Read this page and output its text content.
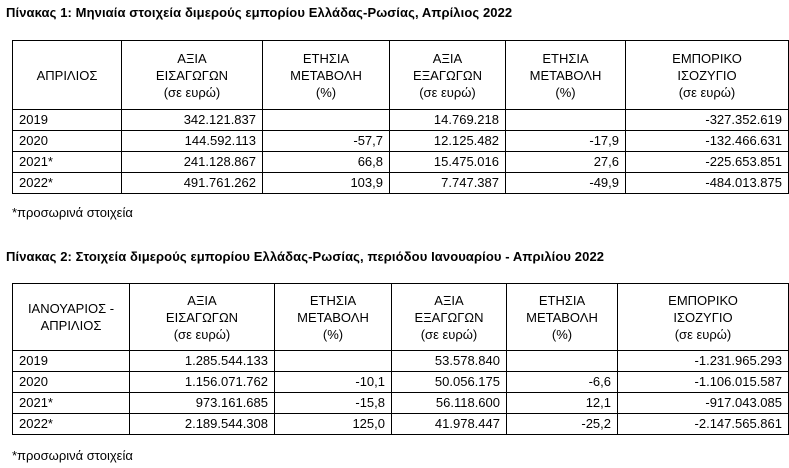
Πίνακας 1: Μηνιαία στοιχεία διμερούς εμπορίου Ελλάδας-Ρωσίας, Απρίλιος 2022
ΑΠΡΙΛΙΟΣ	ΑΞΙΑ
ΕΙΣΑΓΩΓΩΝ
(σε ευρώ)	ΕΤΗΣΙΑ
ΜΕΤΑΒΟΛΗ
(%)	ΑΞΙΑ
ΕΞΑΓΩΓΩΝ
(σε ευρώ)	ΕΤΗΣΙΑ
ΜΕΤΑΒΟΛΗ
(%)	ΕΜΠΟΡΙΚΟ
ΙΣΟΖΥΓΙΟ
(σε ευρώ)
2019	342.121.837		14.769.218		-327.352.619
2020	144.592.113	-57,7	12.125.482	-17,9	-132.466.631
2021*	241.128.867	66,8	15.475.016	27,6	-225.653.851
2022*	491.761.262	103,9	7.747.387	-49,9	-484.013.875
*προσωρινά στοιχεία
Πίνακας 2: Στοιχεία διμερούς εμπορίου Ελλάδας-Ρωσίας, περιόδου Ιανουαρίου - Απριλίου 2022
ΙΑΝΟΥΑΡΙΟΣ -
ΑΠΡΙΛΙΟΣ	ΑΞΙΑ
ΕΙΣΑΓΩΓΩΝ
(σε ευρώ)	ΕΤΗΣΙΑ
ΜΕΤΑΒΟΛΗ
(%)	ΑΞΙΑ
ΕΞΑΓΩΓΩΝ
(σε ευρώ)	ΕΤΗΣΙΑ
ΜΕΤΑΒΟΛΗ
(%)	ΕΜΠΟΡΙΚΟ
ΙΣΟΖΥΓΙΟ
(σε ευρώ)
2019	1.285.544.133		53.578.840		-1.231.965.293
2020	1.156.071.762	-10,1	50.056.175	-6,6	-1.106.015.587
2021*	973.161.685	-15,8	56.118.600	12,1	-917.043.085
2022*	2.189.544.308	125,0	41.978.447	-25,2	-2.147.565.861
*προσωρινά στοιχεία
